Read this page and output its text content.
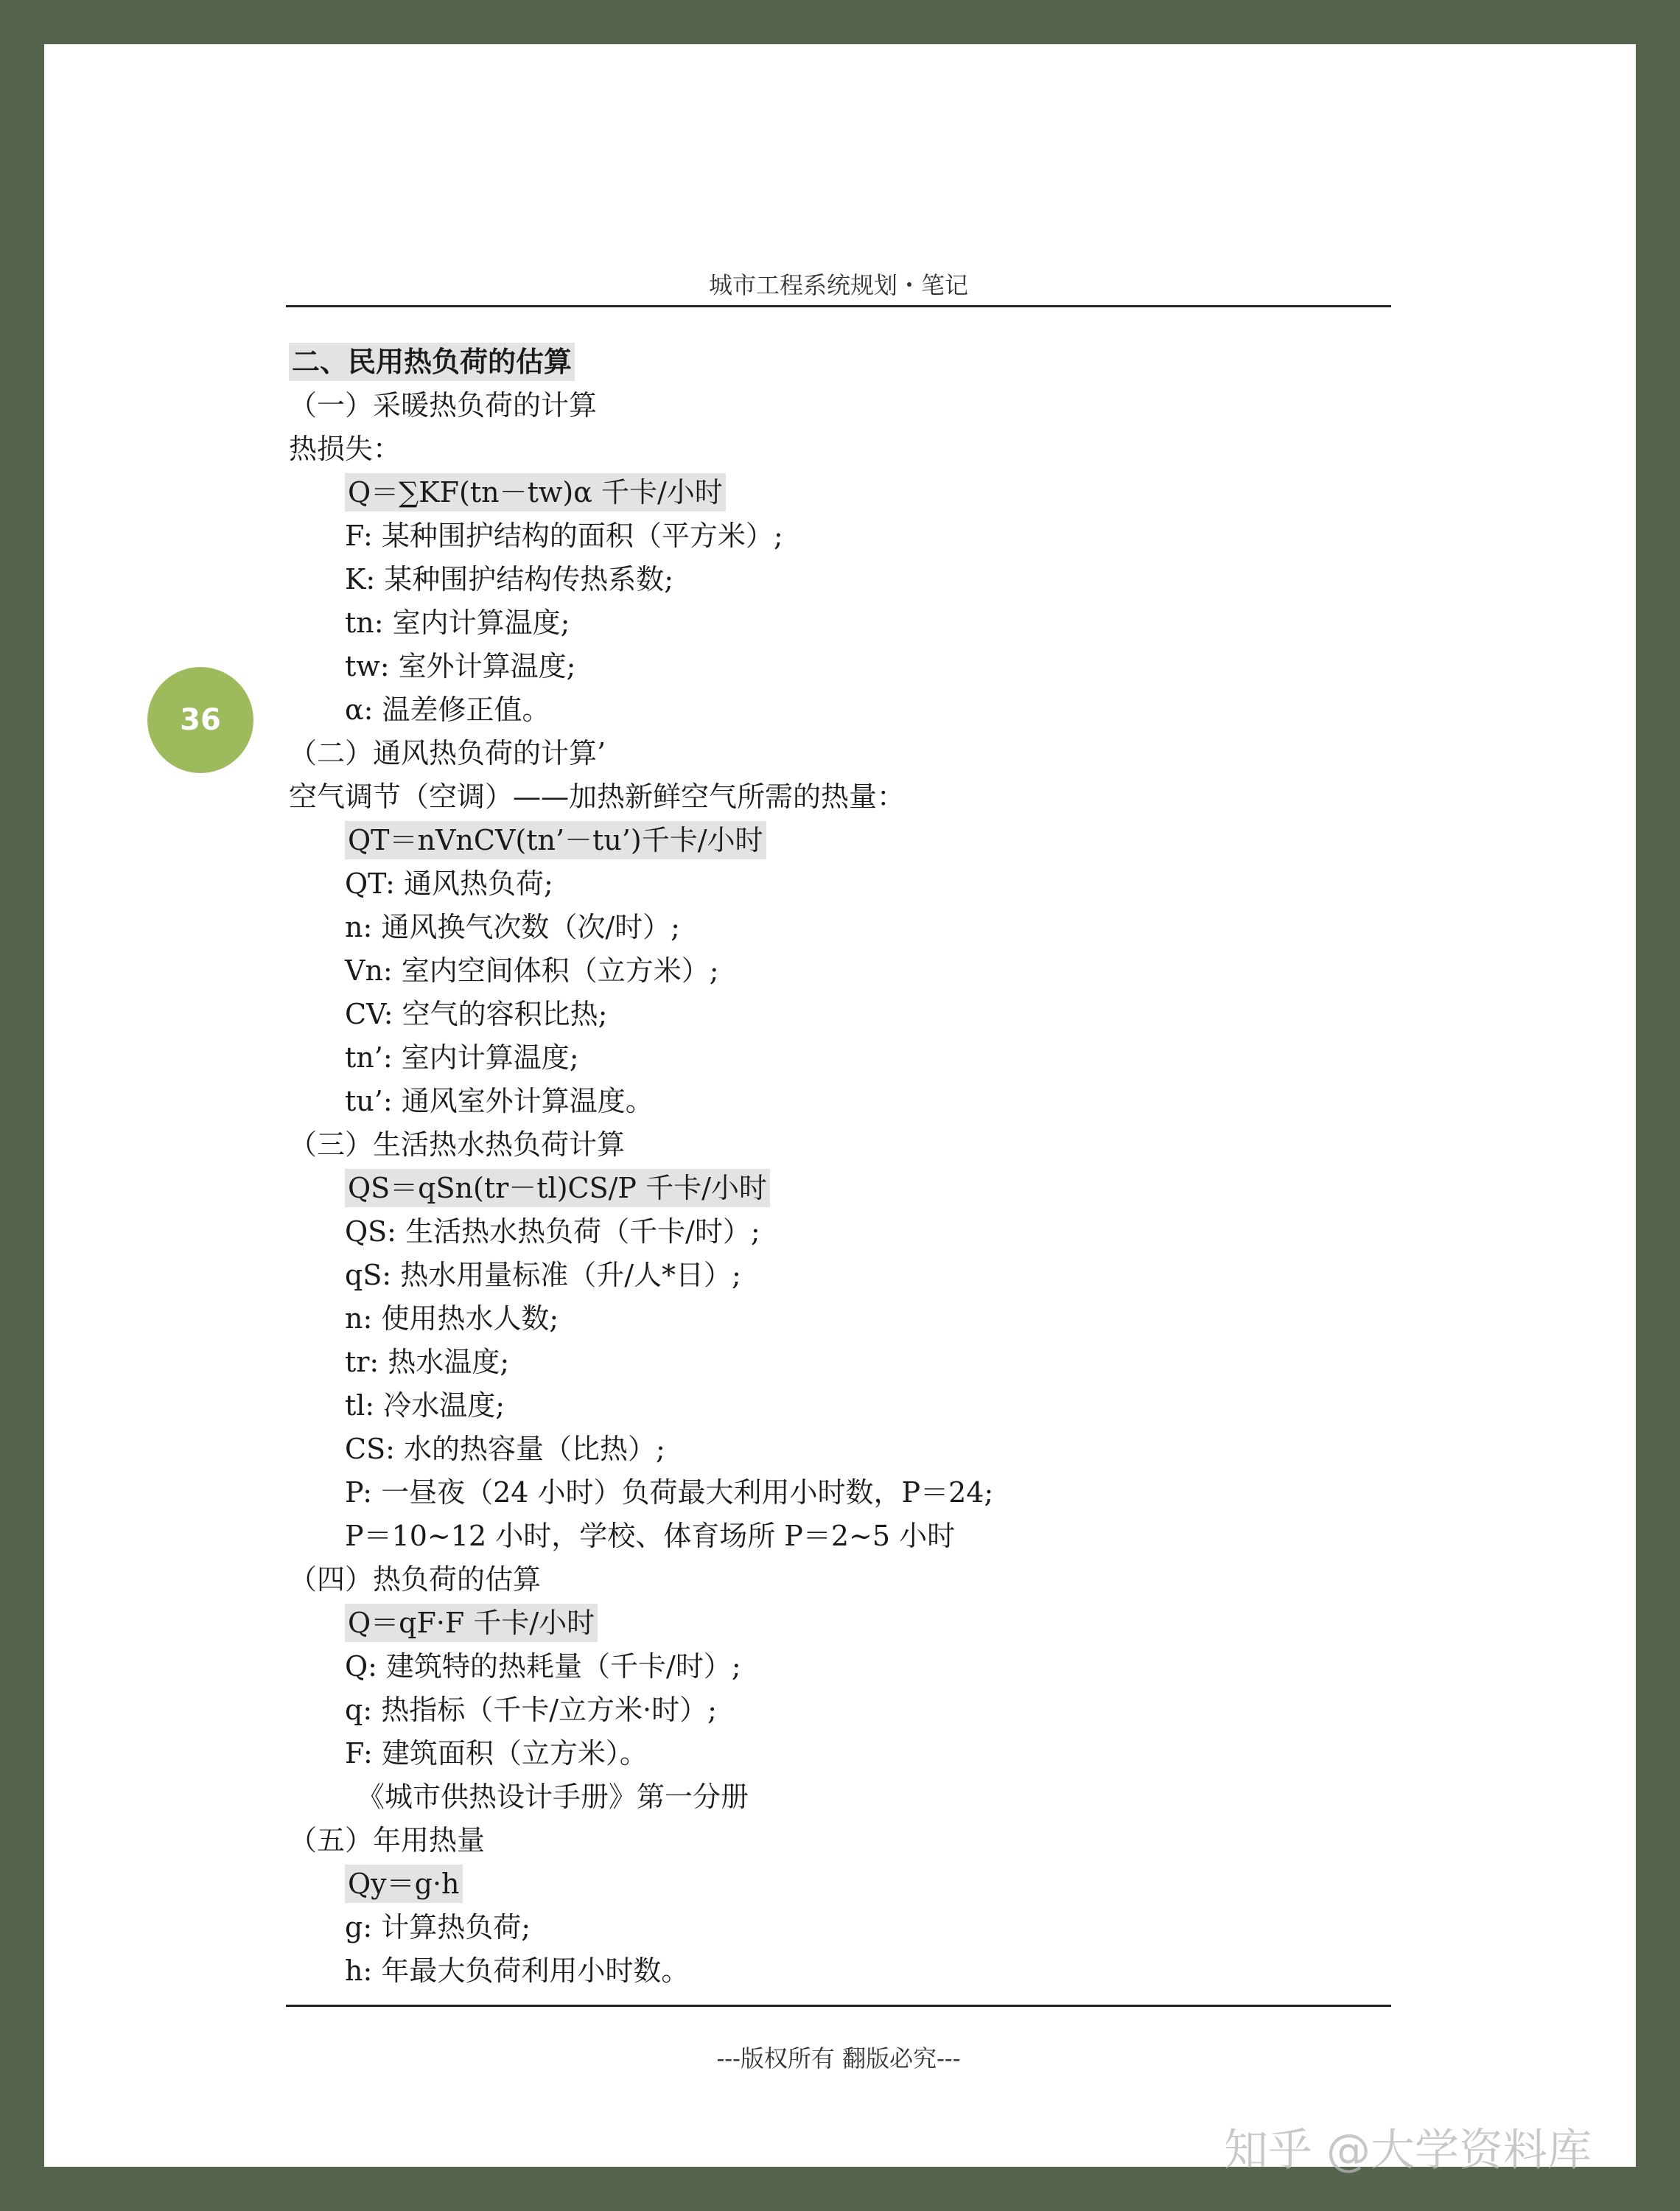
36
城市工程系统规划・笔记
二、民用热负荷的估算
（一）采暖热负荷的计算
热损失：
Q＝∑KF(tn－tw)α 千卡/小时
F: 某种围护结构的面积（平方米）;
K: 某种围护结构传热系数;
tn: 室内计算温度;
tw: 室外计算温度;
α: 温差修正值。
（二）通风热负荷的计算’
空气调节（空调）——加热新鲜空气所需的热量：
QT＝nVnCV(tn’－tu’)千卡/小时
QT: 通风热负荷;
n: 通风换气次数（次/时）;
Vn: 室内空间体积（立方米）;
CV: 空气的容积比热;
tn’: 室内计算温度;
tu’: 通风室外计算温度。
（三）生活热水热负荷计算
QS＝qSn(tr－tl)CS/P 千卡/小时
QS: 生活热水热负荷（千卡/时）;
qS: 热水用量标准（升/人*日）;
n: 使用热水人数;
tr: 热水温度;
tl: 冷水温度;
CS: 水的热容量（比热）;
P: 一昼夜（24 小时）负荷最大利用小时数，P＝24;
P＝10~12 小时，学校、体育场所 P＝2~5 小时
（四）热负荷的估算
Q＝qF·F 千卡/小时
Q: 建筑特的热耗量（千卡/时）;
q: 热指标（千卡/立方米·时）;
F: 建筑面积（立方米）。
《城市供热设计手册》第一分册
（五）年用热量
Qy＝g·h
g: 计算热负荷;
h: 年最大负荷利用小时数。
---版权所有 翻版必究---
知乎 @大学资料库
